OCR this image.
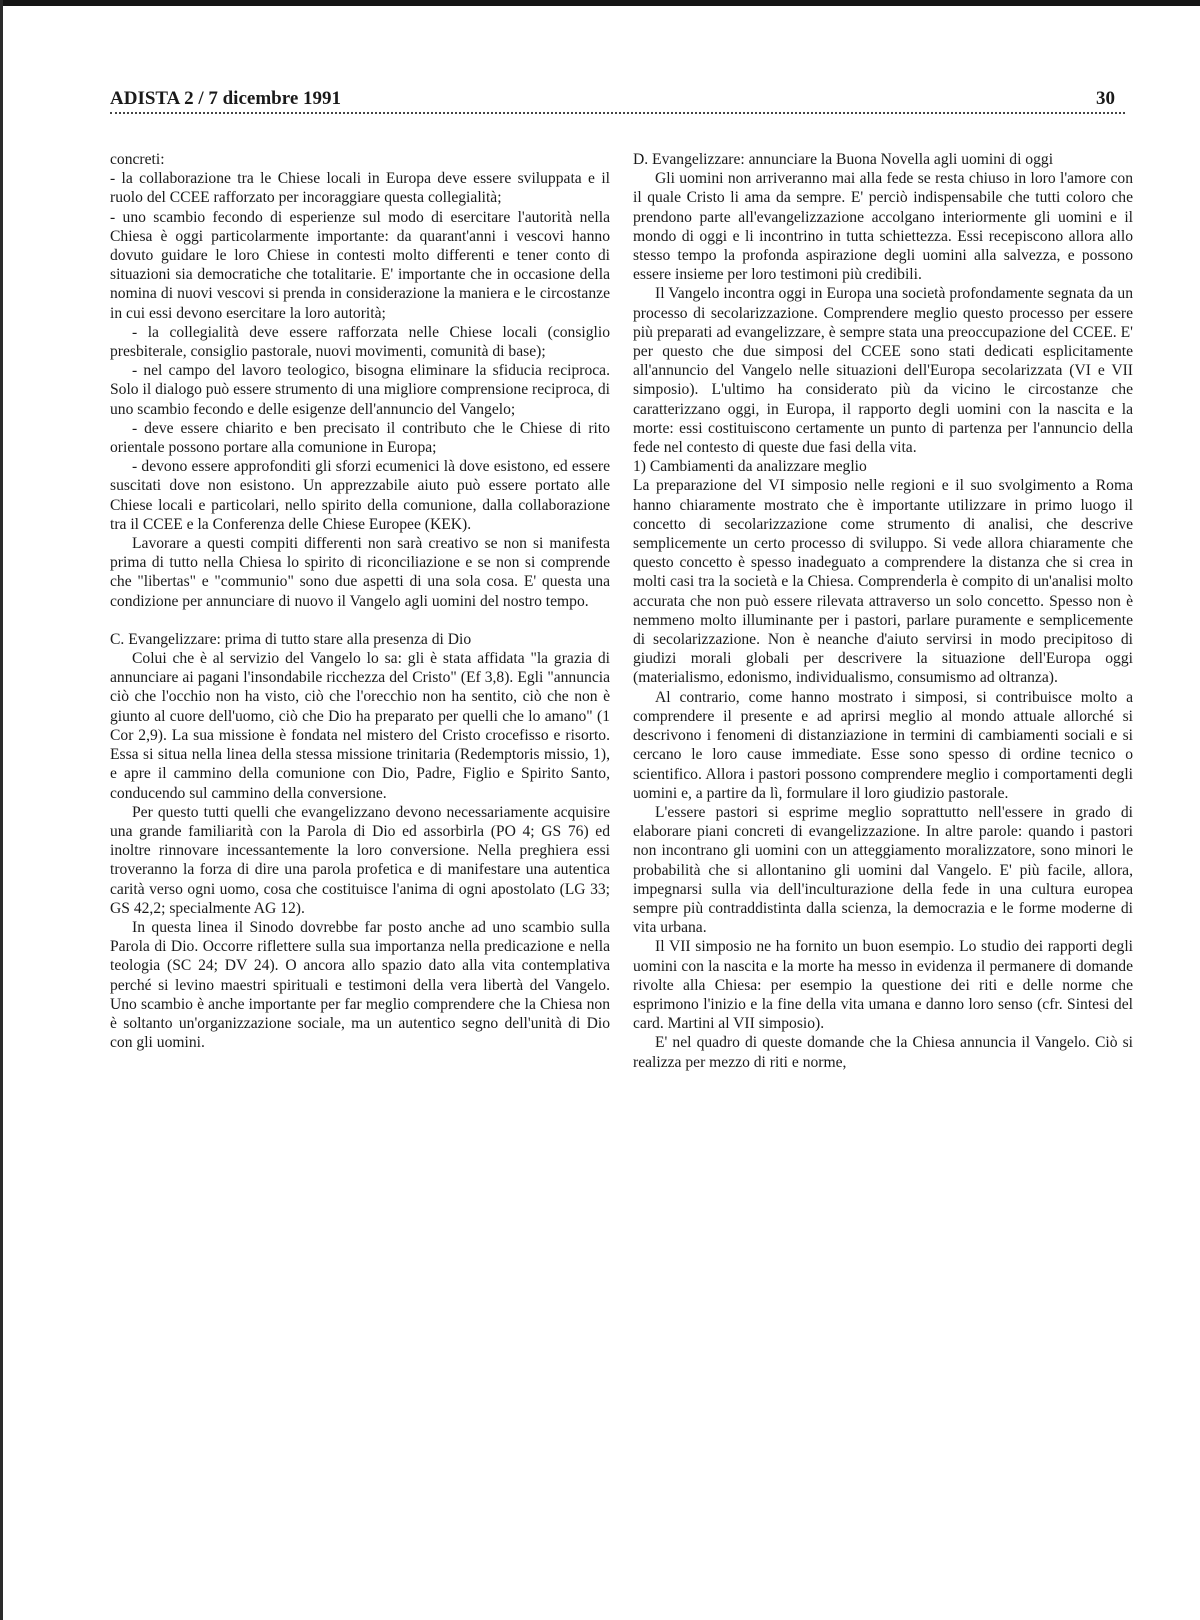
ADISTA 2 / 7 dicembre 1991	30

concreti:

- la collaborazione tra le Chiese locali in Europa deve essere sviluppata e il ruolo del CCEE rafforzato per incoraggiare questa collegialità;

- uno scambio fecondo di esperienze sul modo di esercitare l'autorità nella Chiesa è oggi particolarmente importante: da quarant'anni i vescovi hanno dovuto guidare le loro Chiese in contesti molto differenti e tener conto di situazioni sia democratiche che totalitarie. E' importante che in occasione della nomina di nuovi vescovi si prenda in considerazione la maniera e le circostanze in cui essi devono esercitare la loro autorità;

- la collegialità deve essere rafforzata nelle Chiese locali (consiglio presbiterale, consiglio pastorale, nuovi movimenti, comunità di base);

- nel campo del lavoro teologico, bisogna eliminare la sfiducia reciproca. Solo il dialogo può essere strumento di una migliore comprensione reciproca, di uno scambio fecondo e delle esigenze dell'annuncio del Vangelo;

- deve essere chiarito e ben precisato il contributo che le Chiese di rito orientale possono portare alla comunione in Europa;

- devono essere approfonditi gli sforzi ecumenici là dove esistono, ed essere suscitati dove non esistono. Un apprezzabile aiuto può essere portato alle Chiese locali e particolari, nello spirito della comunione, dalla collaborazione tra il CCEE e la Conferenza delle Chiese Europee (KEK).

Lavorare a questi compiti differenti non sarà creativo se non si manifesta prima di tutto nella Chiesa lo spirito di riconciliazione e se non si comprende che "libertas" e "communio" sono due aspetti di una sola cosa. E' questa una condizione per annunciare di nuovo il Vangelo agli uomini del nostro tempo.

C. Evangelizzare: prima di tutto stare alla presenza di Dio

Colui che è al servizio del Vangelo lo sa: gli è stata affidata "la grazia di annunciare ai pagani l'insondabile ricchezza del Cristo" (Ef 3,8). Egli "annuncia ciò che l'occhio non ha visto, ciò che l'orecchio non ha sentito, ciò che non è giunto al cuore dell'uomo, ciò che Dio ha preparato per quelli che lo amano" (1 Cor 2,9). La sua missione è fondata nel mistero del Cristo crocefisso e risorto. Essa si situa nella linea della stessa missione trinitaria (Redemptoris missio, 1), e apre il cammino della comunione con Dio, Padre, Figlio e Spirito Santo, conducendo sul cammino della conversione.

Per questo tutti quelli che evangelizzano devono necessariamente acquisire una grande familiarità con la Parola di Dio ed assorbirla (PO 4; GS 76) ed inoltre rinnovare incessantemente la loro conversione. Nella preghiera essi troveranno la forza di dire una parola profetica e di manifestare una autentica carità verso ogni uomo, cosa che costituisce l'anima di ogni apostolato (LG 33; GS 42,2; specialmente AG 12).

In questa linea il Sinodo dovrebbe far posto anche ad uno scambio sulla Parola di Dio. Occorre riflettere sulla sua importanza nella predicazione e nella teologia (SC 24; DV 24). O ancora allo spazio dato alla vita contemplativa perché si levino maestri spirituali e testimoni della vera libertà del Vangelo. Uno scambio è anche importante per far meglio comprendere che la Chiesa non è soltanto un'organizzazione sociale, ma un autentico segno dell'unità di Dio con gli uomini.

D. Evangelizzare: annunciare la Buona Novella agli uomini di oggi

Gli uomini non arriveranno mai alla fede se resta chiuso in loro l'amore con il quale Cristo li ama da sempre. E' perciò indispensabile che tutti coloro che prendono parte all'evangelizzazione accolgano interiormente gli uomini e il mondo di oggi e li incontrino in tutta schiettezza. Essi recepiscono allora allo stesso tempo la profonda aspirazione degli uomini alla salvezza, e possono essere insieme per loro testimoni più credibili.

Il Vangelo incontra oggi in Europa una società profondamente segnata da un processo di secolarizzazione. Comprendere meglio questo processo per essere più preparati ad evangelizzare, è sempre stata una preoccupazione del CCEE. E' per questo che due simposi del CCEE sono stati dedicati esplicitamente all'annuncio del Vangelo nelle situazioni dell'Europa secolarizzata (VI e VII simposio). L'ultimo ha considerato più da vicino le circostanze che caratterizzano oggi, in Europa, il rapporto degli uomini con la nascita e la morte: essi costituiscono certamente un punto di partenza per l'annuncio della fede nel contesto di queste due fasi della vita.

1) Cambiamenti da analizzare meglio

La preparazione del VI simposio nelle regioni e il suo svolgimento a Roma hanno chiaramente mostrato che è importante utilizzare in primo luogo il concetto di secolarizzazione come strumento di analisi, che descrive semplicemente un certo processo di sviluppo. Si vede allora chiaramente che questo concetto è spesso inadeguato a comprendere la distanza che si crea in molti casi tra la società e la Chiesa. Comprenderla è compito di un'analisi molto accurata che non può essere rilevata attraverso un solo concetto. Spesso non è nemmeno molto illuminante per i pastori, parlare puramente e semplicemente di secolarizzazione. Non è neanche d'aiuto servirsi in modo precipitoso di giudizi morali globali per descrivere la situazione dell'Europa oggi (materialismo, edonismo, individualismo, consumismo ad oltranza).

Al contrario, come hanno mostrato i simposi, si contribuisce molto a comprendere il presente e ad aprirsi meglio al mondo attuale allorché si descrivono i fenomeni di distanziazione in termini di cambiamenti sociali e si cercano le loro cause immediate. Esse sono spesso di ordine tecnico o scientifico. Allora i pastori possono comprendere meglio i comportamenti degli uomini e, a partire da lì, formulare il loro giudizio pastorale.

L'essere pastori si esprime meglio soprattutto nell'essere in grado di elaborare piani concreti di evangelizzazione. In altre parole: quando i pastori non incontrano gli uomini con un atteggiamento moralizzatore, sono minori le probabilità che si allontanino gli uomini dal Vangelo. E' più facile, allora, impegnarsi sulla via dell'inculturazione della fede in una cultura europea sempre più contraddistinta dalla scienza, la democrazia e le forme moderne di vita urbana.

Il VII simposio ne ha fornito un buon esempio. Lo studio dei rapporti degli uomini con la nascita e la morte ha messo in evidenza il permanere di domande rivolte alla Chiesa: per esempio la questione dei riti e delle norme che esprimono l'inizio e la fine della vita umana e danno loro senso (cfr. Sintesi del card. Martini al VII simposio).

E' nel quadro di queste domande che la Chiesa annuncia il Vangelo. Ciò si realizza per mezzo di riti e norme,
